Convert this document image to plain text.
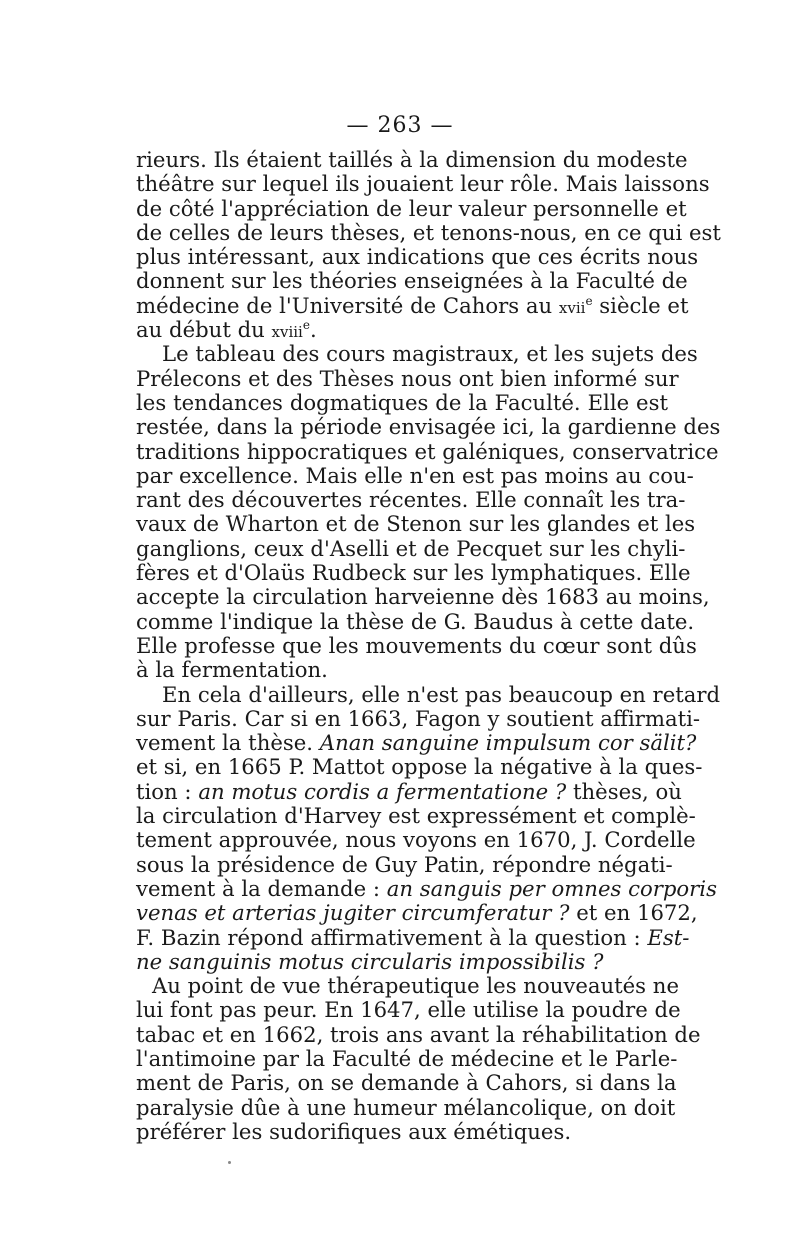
— 263 —
rieurs. Ils étaient taillés à la dimension du modeste
théâtre sur lequel ils jouaient leur rôle. Mais laissons
de côté l'appréciation de leur valeur personnelle et
de celles de leurs thèses, et tenons-nous, en ce qui est
plus intéressant, aux indications que ces écrits nous
donnent sur les théories enseignées à la Faculté de
médecine de l'Université de Cahors au xvii$^e$ siècle et
au début du xviii$^e$.
Le tableau des cours magistraux, et les sujets des
Prélecons et des Thèses nous ont bien informé sur
les tendances dogmatiques de la Faculté. Elle est
restée, dans la période envisagée ici, la gardienne des
traditions hippocratiques et galéniques, conservatrice
par excellence. Mais elle n'en est pas moins au cou-
rant des découvertes récentes. Elle connaît les tra-
vaux de Wharton et de Stenon sur les glandes et les
ganglions, ceux d'Aselli et de Pecquet sur les chyli-
fères et d'Olaüs Rudbeck sur les lymphatiques. Elle
accepte la circulation harveienne dès 1683 au moins,
comme l'indique la thèse de G. Baudus à cette date.
Elle professe que les mouvements du cœur sont dûs
à la fermentation.
En cela d'ailleurs, elle n'est pas beaucoup en retard
sur Paris. Car si en 1663, Fagon y soutient affirmati-
vement la thèse. Anan sanguine impulsum cor sälit?
et si, en 1665 P. Mattot oppose la négative à la ques-
tion : an motus cordis a fermentatione ? thèses, où
la circulation d'Harvey est expressément et complè-
tement approuvée, nous voyons en 1670, J. Cordelle
sous la présidence de Guy Patin, répondre négati-
vement à la demande : an sanguis per omnes corporis
venas et arterias jugiter circumferatur ? et en 1672,
F. Bazin répond affirmativement à la question : Est-
ne sanguinis motus circularis impossibilis ?
Au point de vue thérapeutique les nouveautés ne
lui font pas peur. En 1647, elle utilise la poudre de
tabac et en 1662, trois ans avant la réhabilitation de
l'antimoine par la Faculté de médecine et le Parle-
ment de Paris, on se demande à Cahors, si dans la
paralysie dûe à une humeur mélancolique, on doit
préférer les sudorifiques aux émétiques.
